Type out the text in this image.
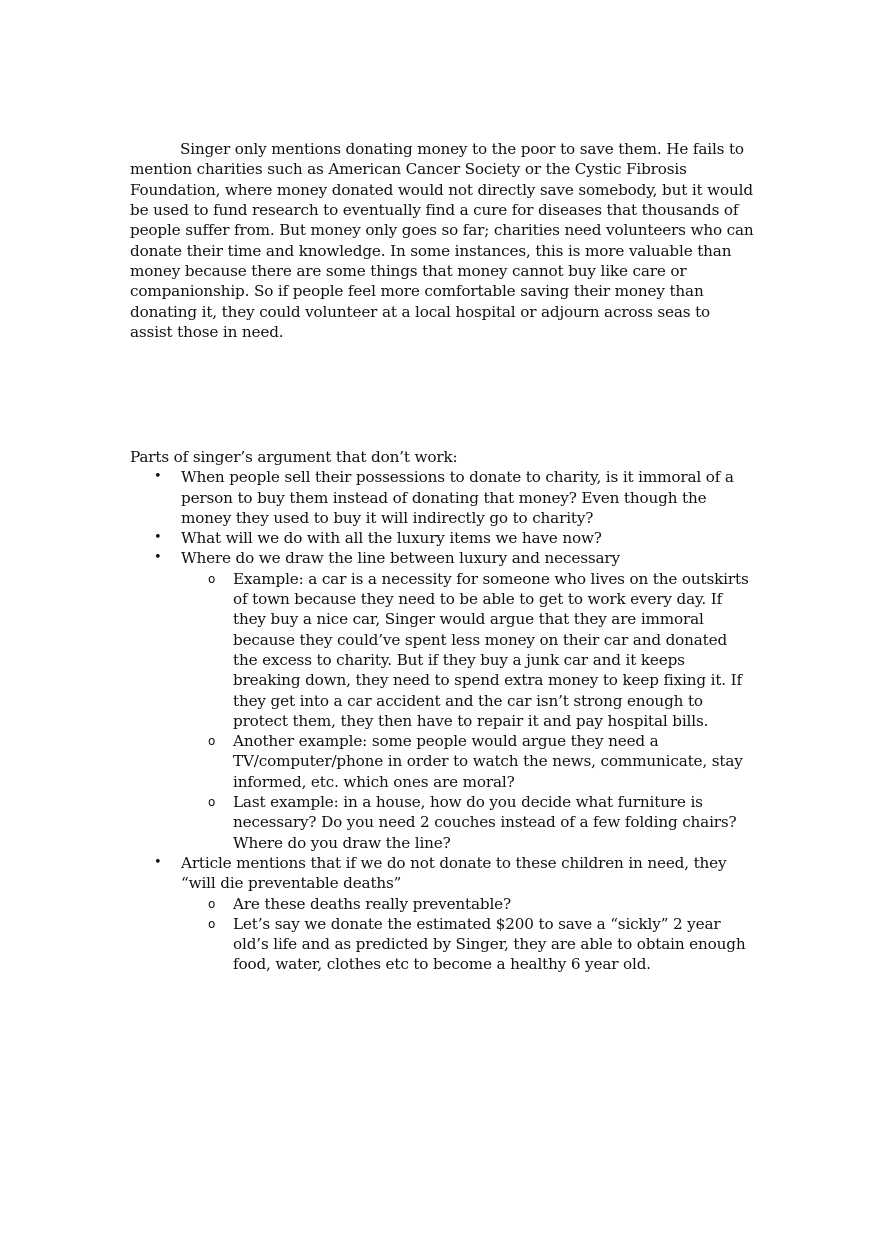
Singer only mentions donating money to the poor to save them. He fails to mention charities such as American Cancer Society or the Cystic Fibrosis Foundation, where money donated would not directly save somebody, but it would be used to fund research to eventually find a cure for diseases that thousands of people suffer from. But money only goes so far; charities need volunteers who can donate their time and knowledge. In some instances, this is more valuable than money because there are some things that money cannot buy like care or companionship. So if people feel more comfortable saving their money than donating it, they could volunteer at a local hospital or adjourn across seas to assist those in need.

Parts of singer’s argument that don’t work:

• When people sell their possessions to donate to charity, is it immoral of a person to buy them instead of donating that money? Even though the money they used to buy it will indirectly go to charity?
• What will we do with all the luxury items we have now?
• Where do we draw the line between luxury and necessary
o Example: a car is a necessity for someone who lives on the outskirts of town because they need to be able to get to work every day. If they buy a nice car, Singer would argue that they are immoral because they could’ve spent less money on their car and donated the excess to charity. But if they buy a junk car and it keeps breaking down, they need to spend extra money to keep fixing it. If they get into a car accident and the car isn’t strong enough to protect them, they then have to repair it and pay hospital bills.
o Another example: some people would argue they need a TV/computer/phone in order to watch the news, communicate, stay informed, etc. which ones are moral?
o Last example: in a house, how do you decide what furniture is necessary? Do you need 2 couches instead of a few folding chairs? Where do you draw the line?
• Article mentions that if we do not donate to these children in need, they “will die preventable deaths”
o Are these deaths really preventable?
o Let’s say we donate the estimated $200 to save a “sickly” 2 year old’s life and as predicted by Singer, they are able to obtain enough food, water, clothes etc to become a healthy 6 year old.
